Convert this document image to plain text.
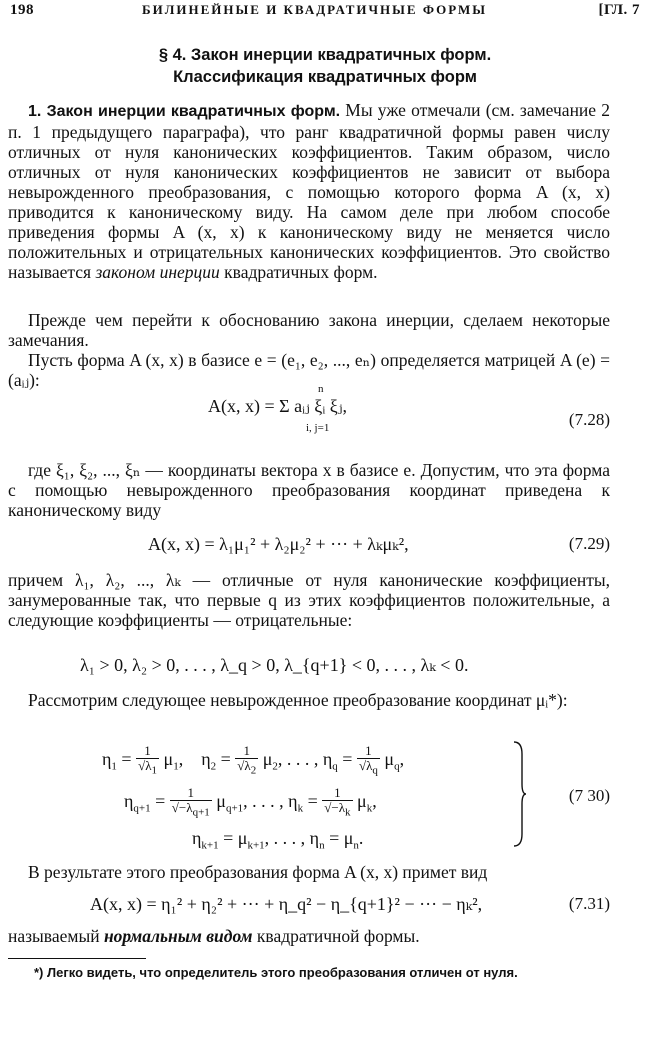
198	БИЛИНЕЙНЫЕ И КВАДРАТИЧНЫЕ ФОРМЫ	[ГЛ. 7
§ 4. Закон инерции квадратичных форм.
Классификация квадратичных форм
1. Закон инерции квадратичных форм. Мы уже отмечали (см. замечание 2 п. 1 предыдущего параграфа), что ранг квадратичной формы равен числу отличных от нуля канонических коэффициентов. Таким образом, число отличных от нуля канонических коэффициентов не зависит от выбора невырожденного преобразования, с помощью которого форма A (x, x) приводится к каноническому виду. На самом деле при любом способе приведения формы A (x, x) к каноническому виду не меняется число положительных и отрицательных канонических коэффициентов. Это свойство называется законом инерции квадратичных форм.
Прежде чем перейти к обоснованию закона инерции, сделаем некоторые замечания.
Пусть форма A (x, x) в базисе e = (e₁, e₂, ..., eₙ) определяется матрицей A (e) = (aᵢⱼ):	n
A(x, x) = Σ aᵢⱼ ξᵢ ξⱼ,
i, j=1	(7.28)
где ξ₁, ξ₂, ..., ξₙ — координаты вектора x в базисе e. Допустим, что эта форма с помощью невырожденного преобразования координат приведена к каноническому виду
A(x, x) = λ₁μ₁² + λ₂μ₂² + ··· + λₖμₖ²,	(7.29)
причем λ₁, λ₂, ..., λₖ — отличные от нуля канонические коэффициенты, занумерованные так, что первые q из этих коэффициентов положительные, а следующие коэффициенты — отрицательные:
λ₁ > 0, λ₂ > 0, . . . , λ_q > 0, λ_{q+1} < 0, . . . , λₖ < 0.
Рассмотрим следующее невырожденное преобразование координат μᵢ*):
$\eta_1 = \frac{1}{√\lambda_1} \mu_1$,    $\eta_2 = \frac{1}{√\lambda_2} \mu_2$, . . . , $\eta_q = \frac{1}{√\lambda_q} \mu_q$,
$\eta_{q+1} = \frac{1}{√-\lambda_{q+1}} \mu_{q+1}$, . . . , $\eta_k = \frac{1}{√-\lambda_k} \mu_k$,
$\eta_{k+1} = \mu_{k+1}$, . . . , $\eta_n = \mu_n$.
(7 30)
В результате этого преобразования форма A (x, x) примет вид
A(x, x) = η₁² + η₂² + ··· + η_q² − η_{q+1}² − ··· − ηₖ²,	(7.31)
называемый нормальным видом квадратичной формы.
*) Легко видеть, что определитель этого преобразования отличен от нуля.
